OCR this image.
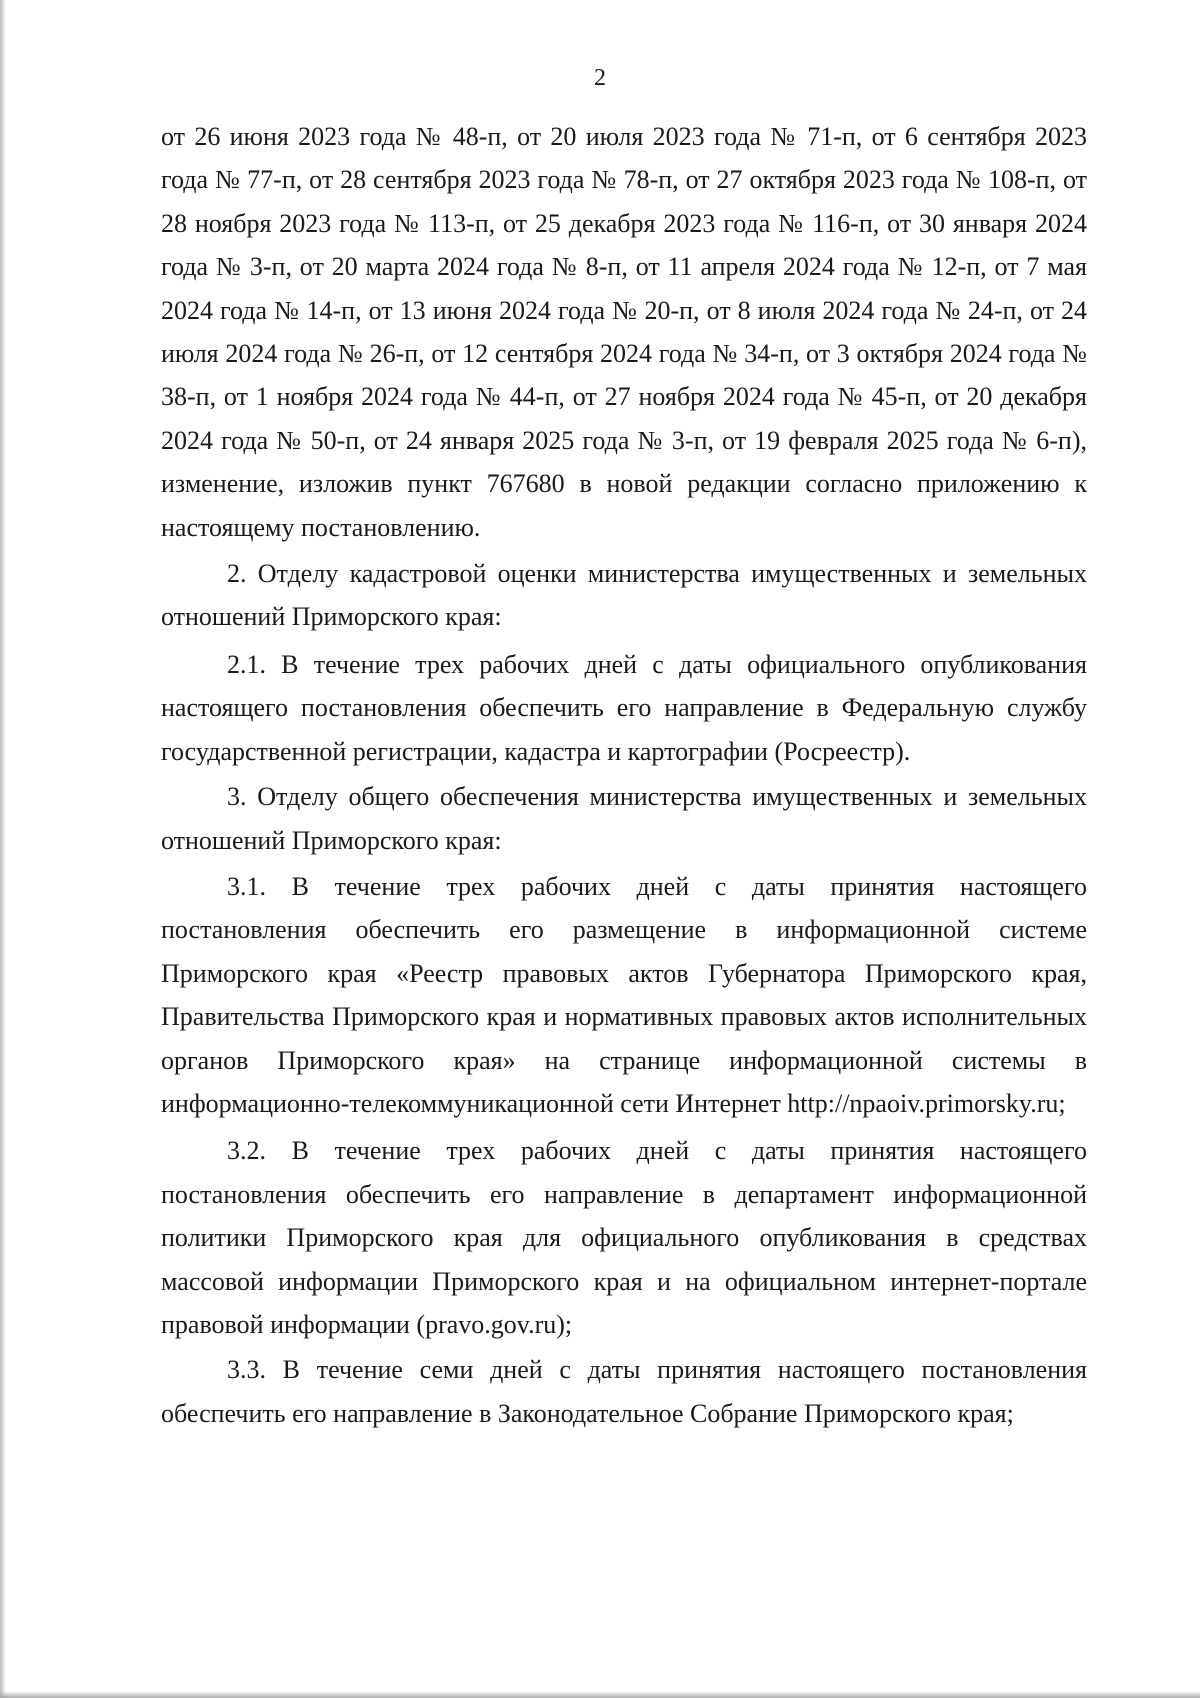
2

от 26 июня 2023 года № 48-п, от 20 июля 2023 года № 71-п, от 6 сентября 2023 года № 77-п, от 28 сентября 2023 года № 78-п, от 27 октября 2023 года № 108-п, от 28 ноября 2023 года № 113-п, от 25 декабря 2023 года № 116-п, от 30 января 2024 года № 3-п, от 20 марта 2024 года № 8-п, от 11 апреля 2024 года № 12-п, от 7 мая 2024 года № 14-п, от 13 июня 2024 года № 20-п, от 8 июля 2024 года № 24-п, от 24 июля 2024 года № 26-п, от 12 сентября 2024 года № 34-п, от 3 октября 2024 года № 38-п, от 1 ноября 2024 года № 44-п, от 27 ноября 2024 года № 45-п, от 20 декабря 2024 года № 50-п, от 24 января 2025 года № 3-п, от 19 февраля 2025 года № 6-п), изменение, изложив пункт 767680 в новой редакции согласно приложению к настоящему постановлению.

2. Отделу кадастровой оценки министерства имущественных и земельных отношений Приморского края:

2.1. В течение трех рабочих дней с даты официального опубликования настоящего постановления обеспечить его направление в Федеральную службу государственной регистрации, кадастра и картографии (Росреестр).

3. Отделу общего обеспечения министерства имущественных и земельных отношений Приморского края:

3.1. В течение трех рабочих дней с даты принятия настоящего постановления обеспечить его размещение в информационной системе Приморского края «Реестр правовых актов Губернатора Приморского края, Правительства Приморского края и нормативных правовых актов исполнительных органов Приморского края» на странице информационной системы в информационно-телекоммуникационной сети Интернет http://npaoiv.primorsky.ru;

3.2. В течение трех рабочих дней с даты принятия настоящего постановления обеспечить его направление в департамент информационной политики Приморского края для официального опубликования в средствах массовой информации Приморского края и на официальном интернет-портале правовой информации (pravo.gov.ru);

3.3. В течение семи дней с даты принятия настоящего постановления обеспечить его направление в Законодательное Собрание Приморского края;
